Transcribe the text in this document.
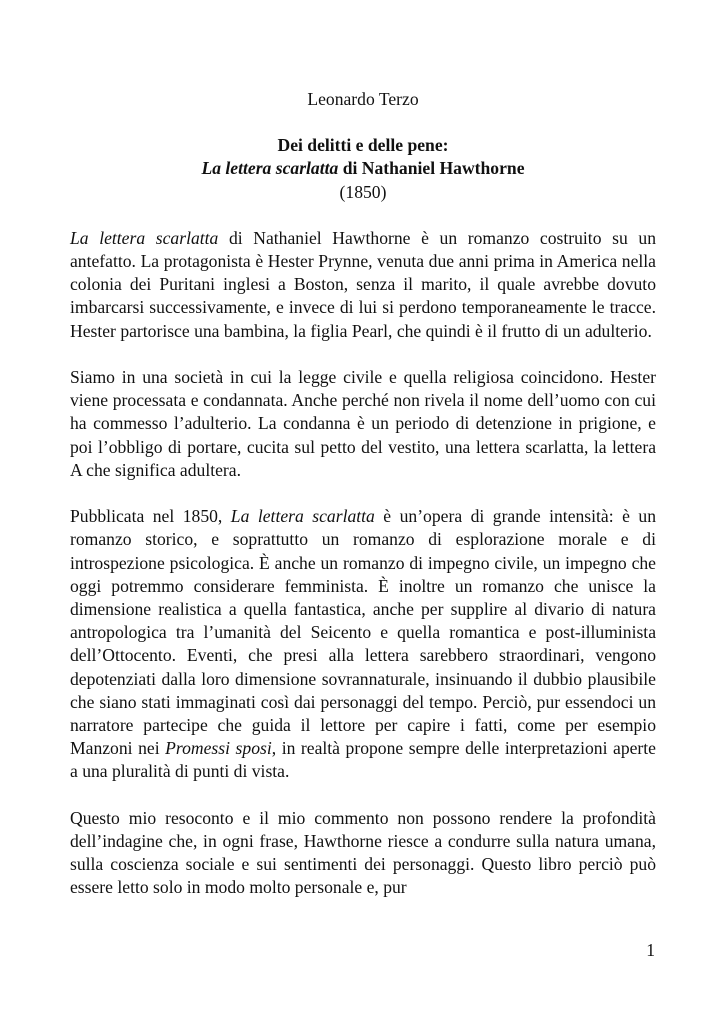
Leonardo Terzo
Dei delitti e delle pene:
La lettera scarlatta di Nathaniel Hawthorne
(1850)

La lettera scarlatta di Nathaniel Hawthorne è un romanzo costruito su un antefatto. La protagonista è Hester Prynne, venuta due anni prima in America nella colonia dei Puritani inglesi a Boston, senza il marito, il quale avrebbe dovuto imbarcarsi successivamente, e invece di lui si perdono temporaneamente le tracce. Hester partorisce una bambina, la figlia Pearl, che quindi è il frutto di un adulterio.

Siamo in una società in cui la legge civile e quella religiosa coincidono. Hester viene processata e condannata. Anche perché non rivela il nome dell’uomo con cui ha commesso l’adulterio. La condanna è un periodo di detenzione in prigione, e poi l’obbligo di portare, cucita sul petto del vestito, una lettera scarlatta, la lettera A che significa adultera.

Pubblicata nel 1850, La lettera scarlatta è un’opera di grande intensità: è un romanzo storico, e soprattutto un romanzo di esplorazione morale e di introspezione psicologica. È anche un romanzo di impegno civile, un impegno che oggi potremmo considerare femminista. È inoltre un romanzo che unisce la dimensione realistica a quella fantastica, anche per supplire al divario di natura antropologica tra l’umanità del Seicento e quella romantica e post-illuminista dell’Ottocento. Eventi, che presi alla lettera sarebbero straordinari, vengono depotenziati dalla loro dimensione sovrannaturale, insinuando il dubbio plausibile che siano stati immaginati così dai personaggi del tempo. Perciò, pur essendoci un narratore partecipe che guida il lettore per capire i fatti, come per esempio Manzoni nei Promessi sposi, in realtà propone sempre delle interpretazioni aperte a una pluralità di punti di vista.

Questo mio resoconto e il mio commento non possono rendere la profondità dell’indagine che, in ogni frase, Hawthorne riesce a condurre sulla natura umana, sulla coscienza sociale e sui sentimenti dei personaggi. Questo libro perciò può essere letto solo in modo molto personale e, pur

1
